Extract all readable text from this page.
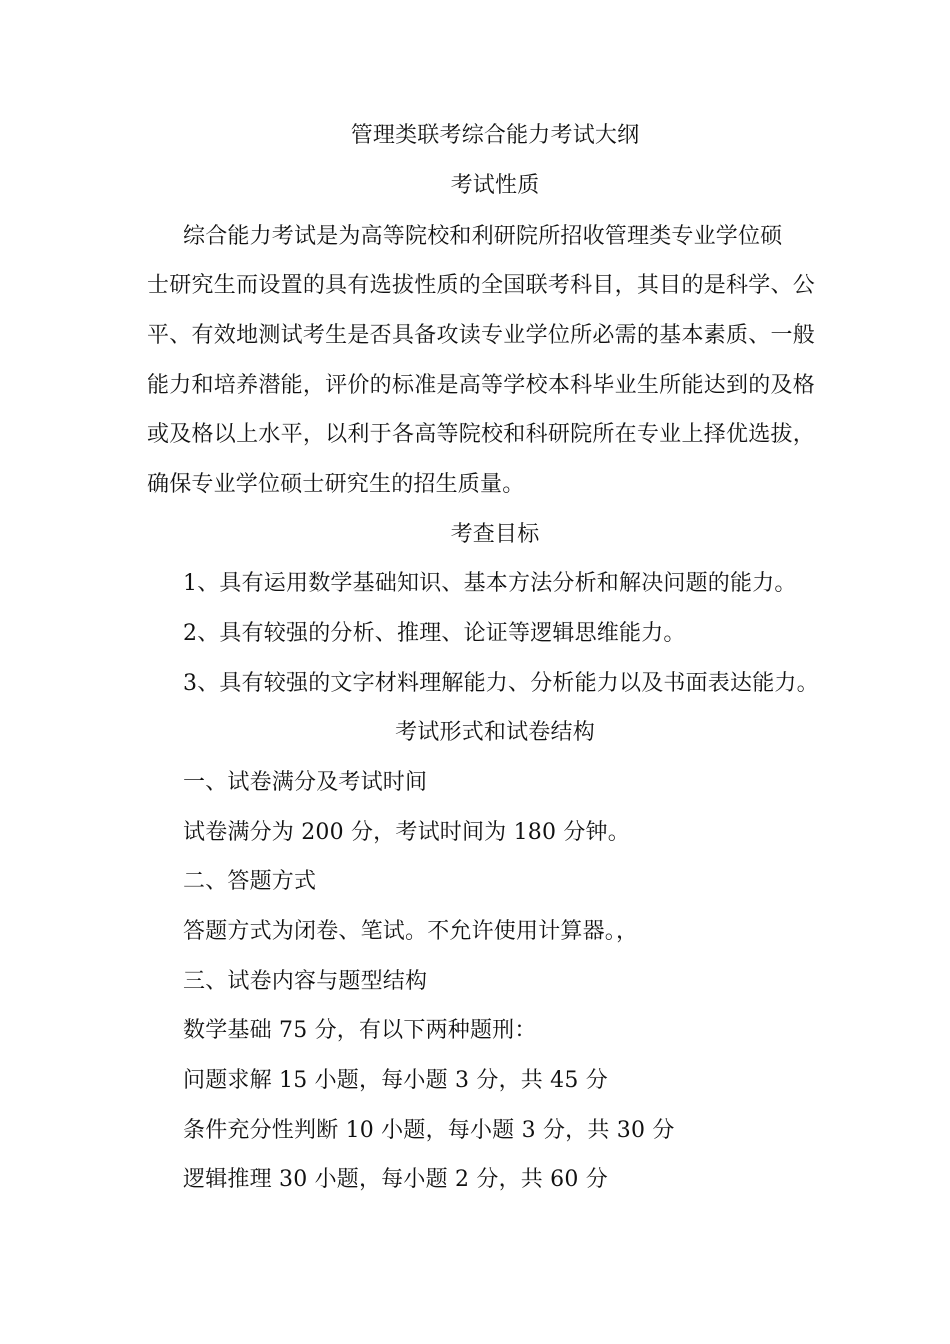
管理类联考综合能力考试大纲
考试性质
综合能力考试是为高等院校和利研院所招收管理类专业学位硕
士研究生而设置的具有选拔性质的全国联考科目，其目的是科学、公
平、有效地测试考生是否具备攻读专业学位所必需的基本素质、一般
能力和培养潜能，评价的标准是高等学校本科毕业生所能达到的及格
或及格以上水平，以利于各高等院校和科研院所在专业上择优选拔，
确保专业学位硕士研究生的招生质量。
考查目标
1、具有运用数学基础知识、基本方法分析和解决问题的能力。
2、具有较强的分析、推理、论证等逻辑思维能力。
3、具有较强的文字材料理解能力、分析能力以及书面表达能力。
考试形式和试卷结构
一、试卷满分及考试时间
试卷满分为 200 分，考试时间为 180 分钟。
二、答题方式
答题方式为闭卷、笔试。不允许使用计算器。，
三、试卷内容与题型结构
数学基础 75 分，有以下两种题刑：
问题求解 15 小题，每小题 3 分，共 45 分
条件充分性判断 10 小题，每小题 3 分，共 30 分
逻辑推理 30 小题，每小题 2 分，共 60 分
